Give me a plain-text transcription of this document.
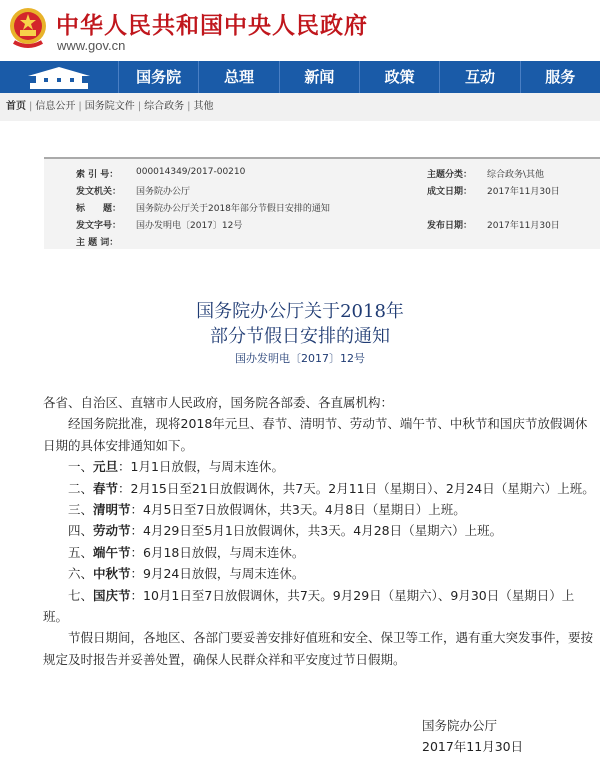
中华人民共和国中央人民政府
www.gov.cn
国务院	总理	新闻	政策	互动	服务
首页 | 信息公开 | 国务院文件 | 综合政务 | 其他
索 引 号： 000014349/2017-00210	主题分类： 综合政务\其他
发文机关： 国务院办公厅	成文日期： 2017年11月30日
标　　题： 国务院办公厅关于2018年部分节假日安排的通知
发文字号： 国办发明电〔2017〕12号	发布日期： 2017年11月30日
主 题 词：
国务院办公厅关于2018年
部分节假日安排的通知
国办发明电〔2017〕12号

各省、自治区、直辖市人民政府，国务院各部委、各直属机构：

经国务院批准，现将2018年元旦、春节、清明节、劳动节、端午节、中秋节和国庆节放假调休日期的具体安排通知如下。

一、元旦：1月1日放假，与周末连休。

二、春节：2月15日至21日放假调休，共7天。2月11日（星期日）、2月24日（星期六）上班。

三、清明节：4月5日至7日放假调休，共3天。4月8日（星期日）上班。

四、劳动节：4月29日至5月1日放假调休，共3天。4月28日（星期六）上班。

五、端午节：6月18日放假，与周末连休。

六、中秋节：9月24日放假，与周末连休。

七、国庆节：10月1日至7日放假调休，共7天。9月29日（星期六）、9月30日（星期日）上班。

节假日期间，各地区、各部门要妥善安排好值班和安全、保卫等工作，遇有重大突发事件，要按规定及时报告并妥善处置，确保人民群众祥和平安度过节日假期。

国务院办公厅
2017年11月30日
